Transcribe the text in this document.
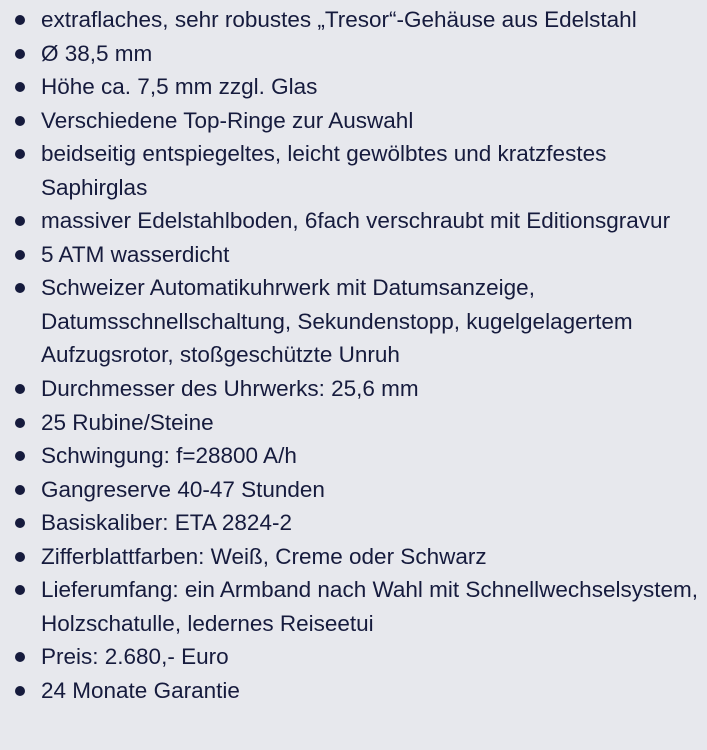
extraflaches, sehr robustes „Tresor“-Gehäuse aus Edelstahl
Ø 38,5 mm
Höhe ca. 7,5 mm zzgl. Glas
Verschiedene Top-Ringe zur Auswahl
beidseitig entspiegeltes, leicht gewölbtes und kratzfestes Saphirglas
massiver Edelstahlboden, 6fach verschraubt mit Editionsgravur
5 ATM wasserdicht
Schweizer Automatikuhrwerk mit Datumsanzeige, Datumsschnellschaltung, Sekundenstopp, kugelgelagertem Aufzugsrotor, stoßgeschützte Unruh
Durchmesser des Uhrwerks: 25,6 mm
25 Rubine/Steine
Schwingung: f=28800 A/h
Gangreserve 40-47 Stunden
Basiskaliber: ETA 2824-2
Zifferblattfarben: Weiß, Creme oder Schwarz
Lieferumfang: ein Armband nach Wahl mit Schnellwechselsystem, Holzschatulle, ledernes Reiseetui
Preis: 2.680,- Euro
24 Monate Garantie
